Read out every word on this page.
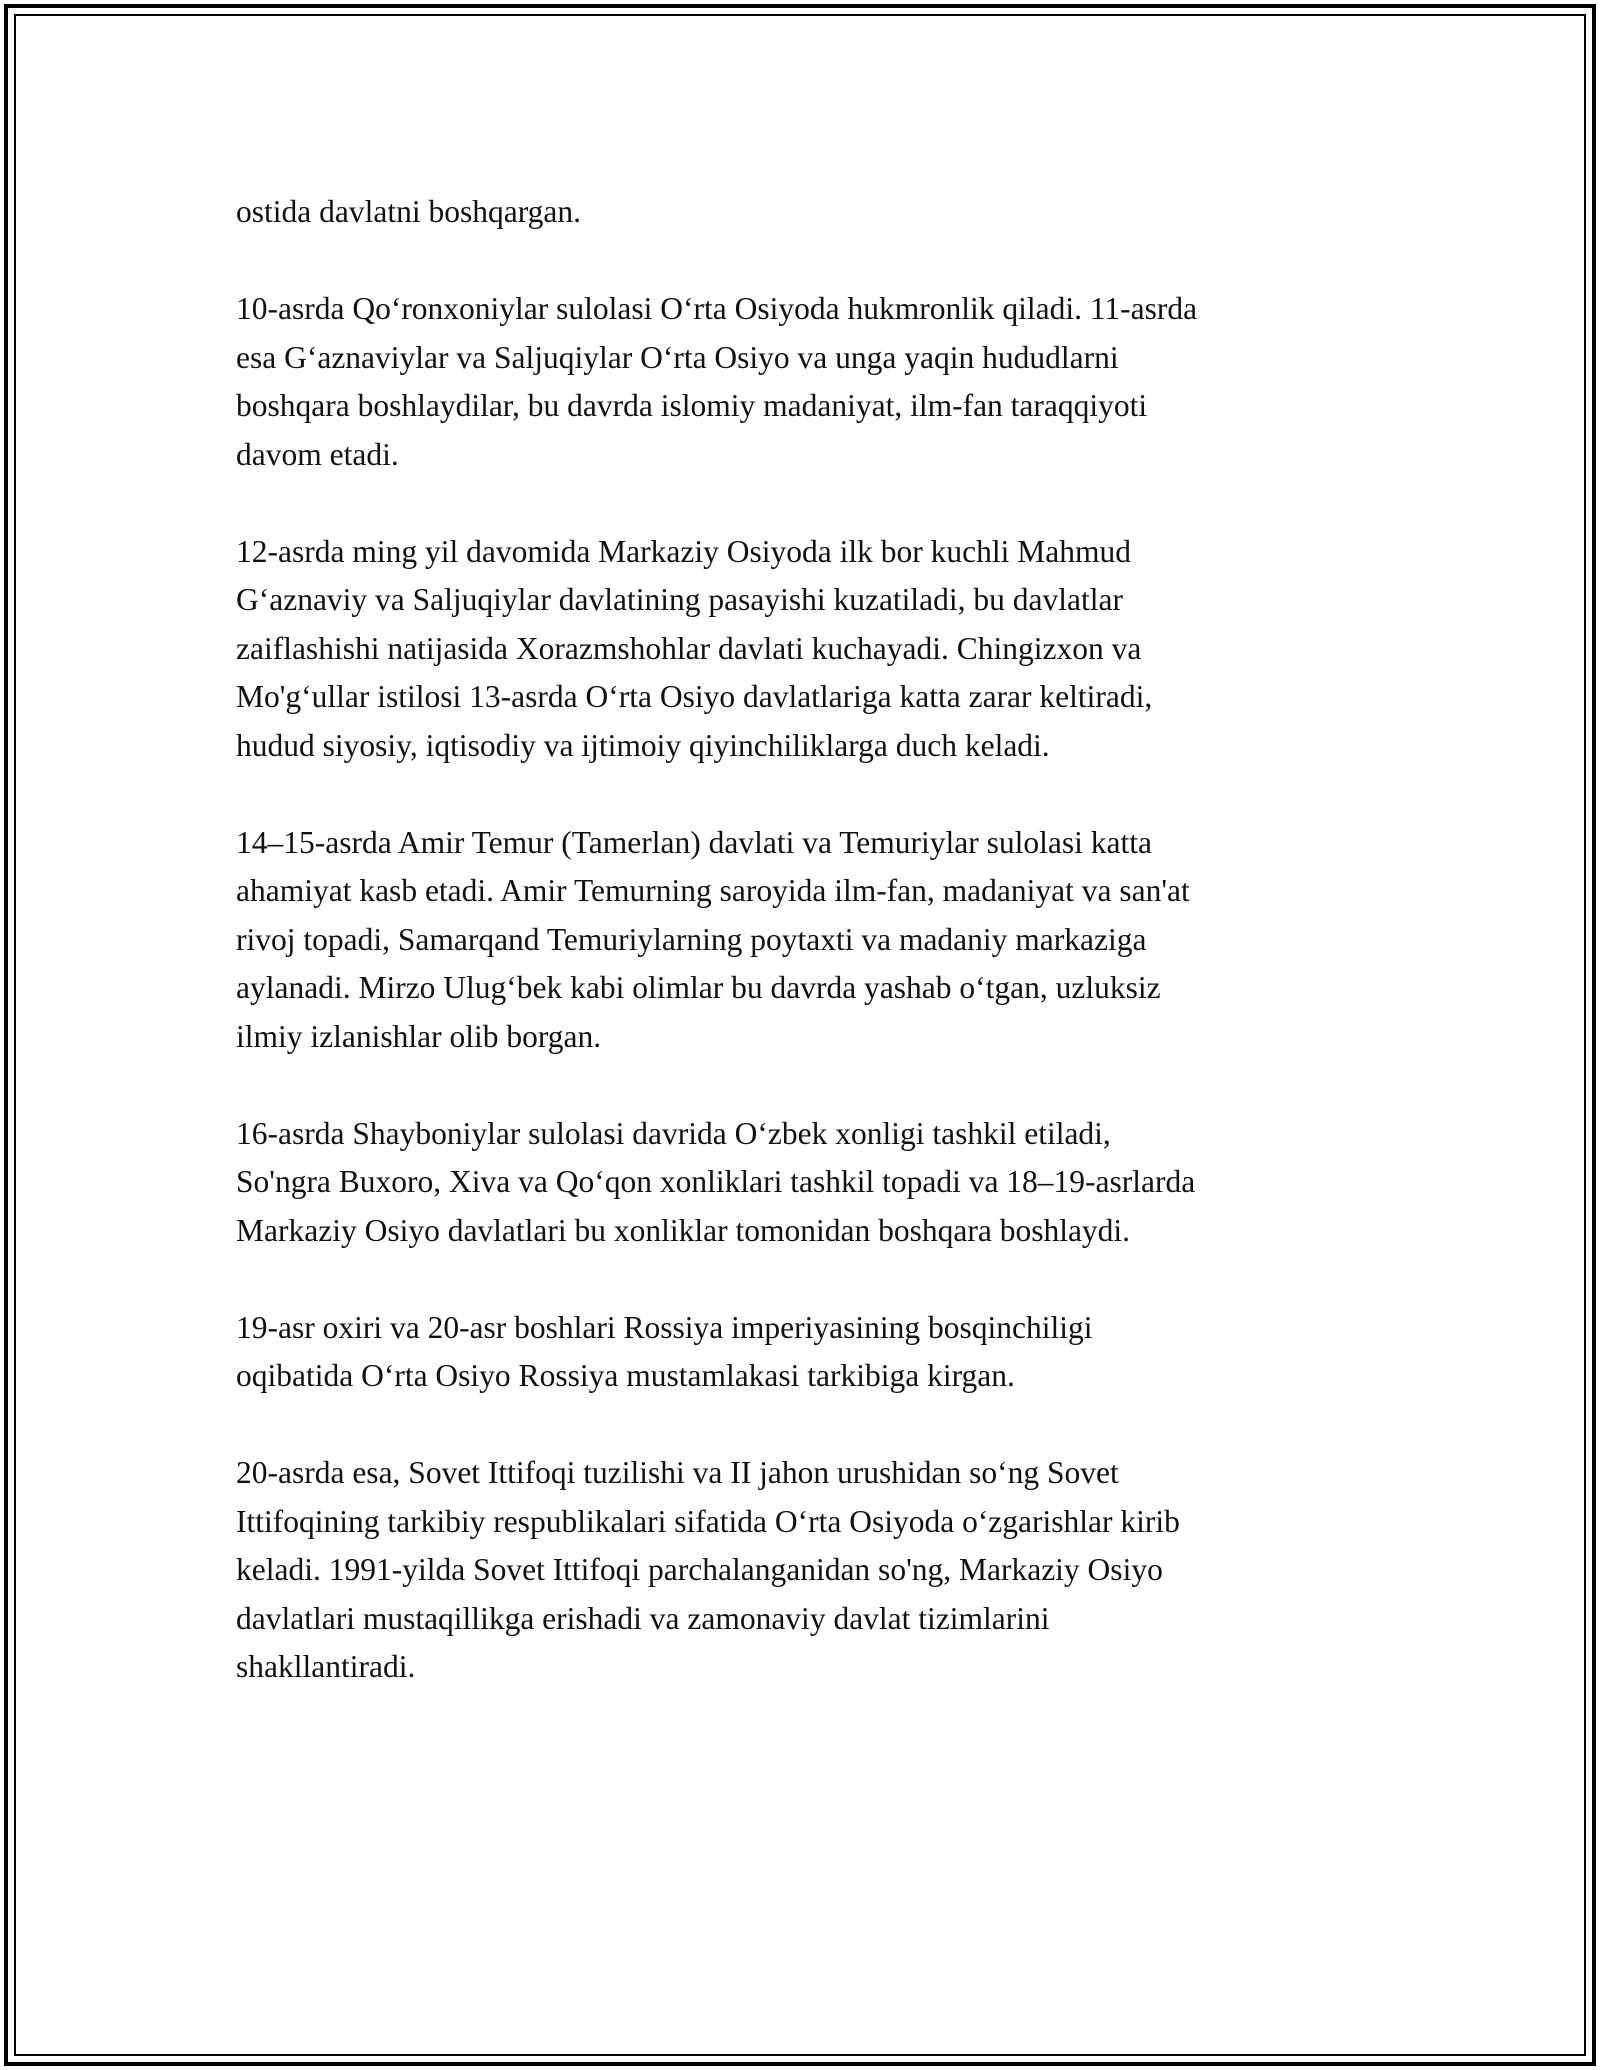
ostida davlatni boshqargan.

10-asrda Qo‘ronxoniylar sulolasi O‘rta Osiyoda hukmronlik qiladi. 11-asrda
esa G‘aznaviylar va Saljuqiylar O‘rta Osiyo va unga yaqin hududlarni
boshqara boshlaydilar, bu davrda islomiy madaniyat, ilm-fan taraqqiyoti
davom etadi.

12-asrda ming yil davomida Markaziy Osiyoda ilk bor kuchli Mahmud
G‘aznaviy va Saljuqiylar davlatining pasayishi kuzatiladi, bu davlatlar
zaiflashishi natijasida Xorazmshohlar davlati kuchayadi. Chingizxon va
Mo'g‘ullar istilosi 13-asrda O‘rta Osiyo davlatlariga katta zarar keltiradi,
hudud siyosiy, iqtisodiy va ijtimoiy qiyinchiliklarga duch keladi.

14–15-asrda Amir Temur (Tamerlan) davlati va Temuriylar sulolasi katta
ahamiyat kasb etadi. Amir Temurning saroyida ilm-fan, madaniyat va san'at
rivoj topadi, Samarqand Temuriylarning poytaxti va madaniy markaziga
aylanadi. Mirzo Ulug‘bek kabi olimlar bu davrda yashab o‘tgan, uzluksiz
ilmiy izlanishlar olib borgan.

16-asrda Shayboniylar sulolasi davrida O‘zbek xonligi tashkil etiladi,
So'ngra Buxoro, Xiva va Qo‘qon xonliklari tashkil topadi va 18–19-asrlarda
Markaziy Osiyo davlatlari bu xonliklar tomonidan boshqara boshlaydi.

19-asr oxiri va 20-asr boshlari Rossiya imperiyasining bosqinchiligi
oqibatida O‘rta Osiyo Rossiya mustamlakasi tarkibiga kirgan.

20-asrda esa, Sovet Ittifoqi tuzilishi va II jahon urushidan so‘ng Sovet
Ittifoqining tarkibiy respublikalari sifatida O‘rta Osiyoda o‘zgarishlar kirib
keladi. 1991-yilda Sovet Ittifoqi parchalanganidan so'ng, Markaziy Osiyo
davlatlari mustaqillikga erishadi va zamonaviy davlat tizimlarini
shakllantiradi.
